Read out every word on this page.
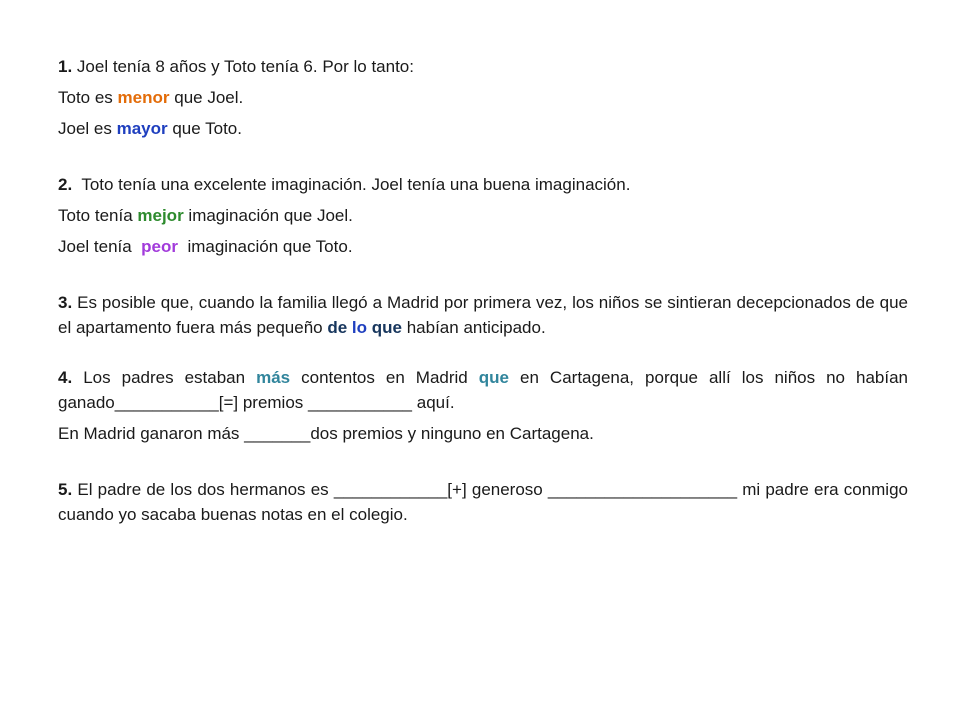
1. Joel tenía 8 años y Toto tenía 6. Por lo tanto:
Toto es menor que Joel.
Joel es mayor que Toto.
2.  Toto tenía una excelente imaginación. Joel tenía una buena imaginación.
Toto tenía mejor imaginación que Joel.
Joel tenía  peor  imaginación que Toto.

3. Es posible que, cuando la familia llegó a Madrid por primera vez, los niños se sintieran decepcionados de que el apartamento fuera más pequeño de lo que habían anticipado.

4. Los padres estaban más contentos en Madrid que en Cartagena, porque allí los niños no habían ganado___________[=] premios ___________ aquí.

En Madrid ganaron más _______dos premios y ninguno en Cartagena.

5. El padre de los dos hermanos es ____________[+] generoso ____________________ mi padre era conmigo cuando yo sacaba buenas notas en el colegio.
